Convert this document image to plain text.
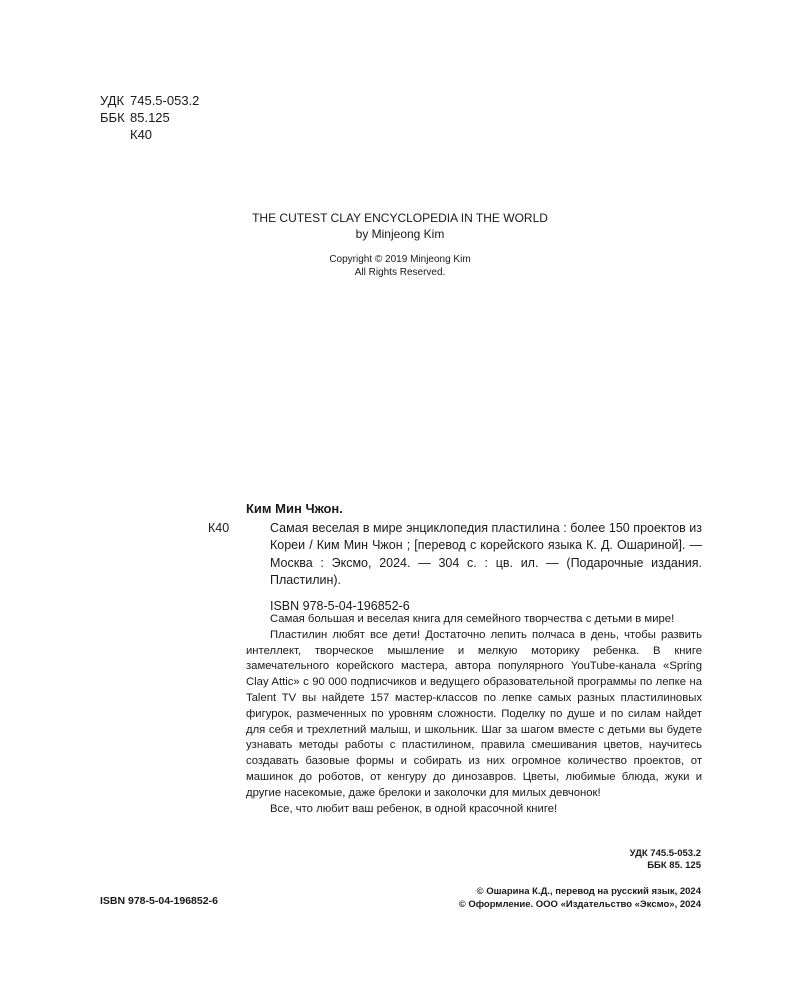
УДК 745.5-053.2
ББК 85.125
К40
THE CUTEST CLAY ENCYCLOPEDIA IN THE WORLD
by Minjeong Kim
Copyright © 2019 Minjeong Kim
All Rights Reserved.
Ким Мин Чжон.
К40	Самая веселая в мире энциклопедия пластилина : более 150 проектов из Кореи / Ким Мин Чжон ; [перевод с корейского языка К. Д. Ошариной]. — Москва : Эксмо, 2024. — 304 с. : цв. ил. — (Подарочные издания. Пластилин).
ISBN 978-5-04-196852-6

Самая большая и веселая книга для семейного творчества с детьми в мире!

Пластилин любят все дети! Достаточно лепить полчаса в день, чтобы развить интеллект, творческое мышление и мелкую моторику ребенка. В книге замечательного корейского мастера, автора популярного YouTube-канала «Spring Clay Attic» с 90 000 подписчиков и ведущего образовательной программы по лепке на Talent TV вы найдете 157 мастер-классов по лепке самых разных пластилиновых фигурок, размеченных по уровням сложности. Поделку по душе и по силам найдет для себя и трехлетний малыш, и школьник. Шаг за шагом вместе с детьми вы будете узнавать методы работы с пластилином, правила смешивания цветов, научитесь создавать базовые формы и собирать из них огромное количество проектов, от машинок до роботов, от кенгуру до динозавров. Цветы, любимые блюда, жуки и другие насекомые, даже брелоки и заколочки для милых девчонок!

Все, что любит ваш ребенок, в одной красочной книге!

УДК 745.5-053.2
ББК 85. 125
ISBN 978-5-04-196852-6
© Ошарина К.Д., перевод на русский язык, 2024
© Оформление. ООО «Издательство «Эксмо», 2024
